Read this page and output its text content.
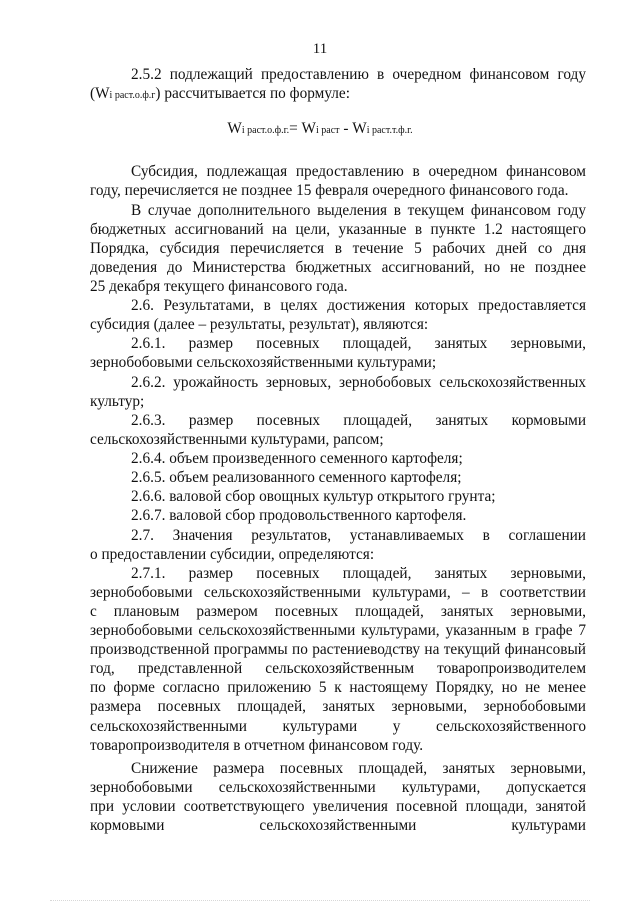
11
2.5.2 подлежащий предоставлению в очередном финансовом году
(Wi раст.о.ф.г) рассчитывается по формуле:
Wi раст.о.ф.г.= Wi раст - Wi раст.т.ф.г.
Субсидия, подлежащая предоставлению в очередном финансовом
году, перечисляется не позднее 15 февраля очередного финансового года.
В случае дополнительного выделения в текущем финансовом году
бюджетных ассигнований на цели, указанные в пункте 1.2 настоящего
Порядка, субсидия перечисляется в течение 5 рабочих дней со дня
доведения до Министерства бюджетных ассигнований, но не позднее
25 декабря текущего финансового года.
2.6. Результатами, в целях достижения которых предоставляется
субсидия (далее – результаты, результат), являются:
2.6.1. размер посевных площадей, занятых зерновыми,
зернобобовыми сельскохозяйственными культурами;
2.6.2. урожайность зерновых, зернобобовых сельскохозяйственных
культур;
2.6.3. размер посевных площадей, занятых кормовыми
сельскохозяйственными культурами, рапсом;
2.6.4. объем произведенного семенного картофеля;
2.6.5. объем реализованного семенного картофеля;
2.6.6. валовой сбор овощных культур открытого грунта;
2.6.7. валовой сбор продовольственного картофеля.
2.7. Значения результатов, устанавливаемых в соглашении
о предоставлении субсидии, определяются:
2.7.1. размер посевных площадей, занятых зерновыми,
зернобобовыми сельскохозяйственными культурами, – в соответствии
с плановым размером посевных площадей, занятых зерновыми,
зернобобовыми сельскохозяйственными культурами, указанным в графе 7
производственной программы по растениеводству на текущий финансовый
год, представленной сельскохозяйственным товаропроизводителем
по форме согласно приложению 5 к настоящему Порядку, но не менее
размера посевных площадей, занятых зерновыми, зернобобовыми
сельскохозяйственными культурами у сельскохозяйственного
товаропроизводителя в отчетном финансовом году.
Снижение размера посевных площадей, занятых зерновыми,
зернобобовыми сельскохозяйственными культурами, допускается
при условии соответствующего увеличения посевной площади, занятой
кормовыми сельскохозяйственными культурами
